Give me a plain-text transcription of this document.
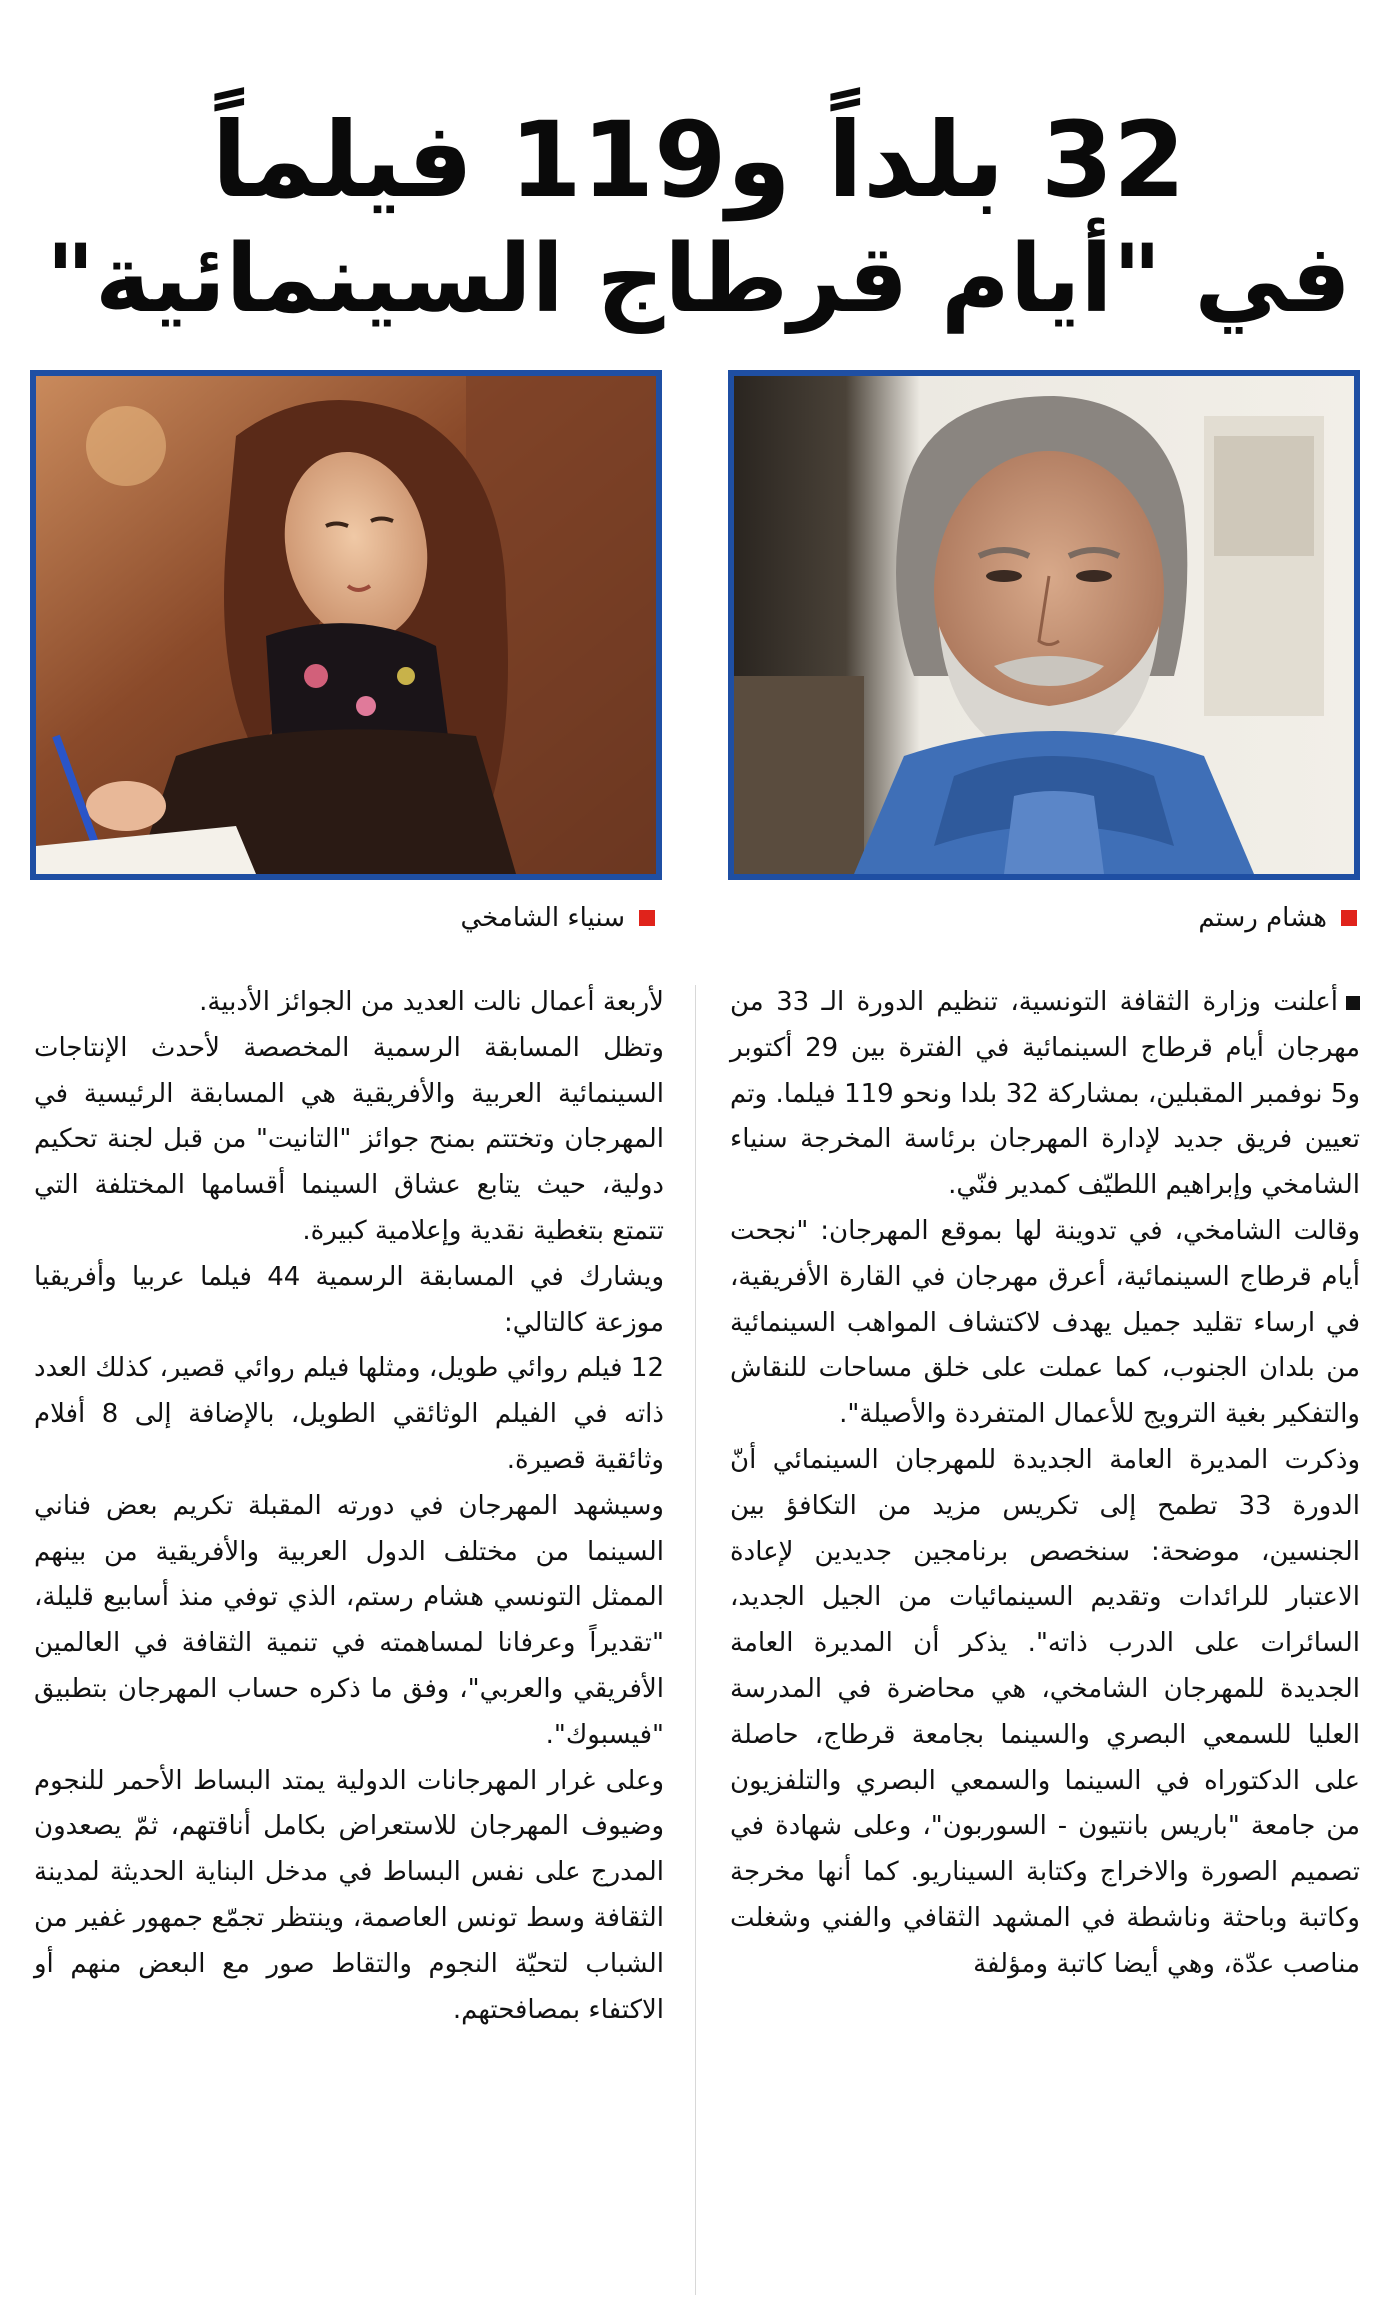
32 بلداً و119 فيلماً
في "أيام قرطاج السينمائية"
هشام رستم
سنياء الشامخي

أعلنت وزارة الثقافة التونسية، تنظيم الدورة الـ 33 من مهرجان أيام قرطاج السينمائية في الفترة بين 29 أكتوبر و5 نوفمبر المقبلين، بمشاركة 32 بلدا ونحو 119 فيلما. وتم تعيين فريق جديد لإدارة المهرجان برئاسة المخرجة سنياء الشامخي وإبراهيم اللطيّف كمدير فنّي.

وقالت الشامخي، في تدوينة لها بموقع المهرجان: "نجحت أيام قرطاج السينمائية، أعرق مهرجان في القارة الأفريقية، في ارساء تقليد جميل يهدف لاكتشاف المواهب السينمائية من بلدان الجنوب، كما عملت على خلق مساحات للنقاش والتفكير بغية الترويج للأعمال المتفردة والأصيلة".

وذكرت المديرة العامة الجديدة للمهرجان السينمائي أنّ الدورة 33 تطمح إلى تكريس مزيد من التكافؤ بين الجنسين، موضحة: سنخصص برنامجين جديدين لإعادة الاعتبار للرائدات وتقديم السينمائيات من الجيل الجديد، السائرات على الدرب ذاته". يذكر أن المديرة العامة الجديدة للمهرجان الشامخي، هي محاضرة في المدرسة العليا للسمعي البصري والسينما بجامعة قرطاج، حاصلة على الدكتوراه في السينما والسمعي البصري والتلفزيون من جامعة "باريس بانتيون - السوربون"، وعلى شهادة في تصميم الصورة والاخراج وكتابة السيناريو. كما أنها مخرجة وكاتبة وباحثة وناشطة في المشهد الثقافي والفني وشغلت مناصب عدّة، وهي أيضا كاتبة ومؤلفة

لأربعة أعمال نالت العديد من الجوائز الأدبية.

وتظل المسابقة الرسمية المخصصة لأحدث الإنتاجات السينمائية العربية والأفريقية هي المسابقة الرئيسية في المهرجان وتختتم بمنح جوائز "التانيت" من قبل لجنة تحكيم دولية، حيث يتابع عشاق السينما أقسامها المختلفة التي تتمتع بتغطية نقدية وإعلامية كبيرة.

ويشارك في المسابقة الرسمية 44 فيلما عربيا وأفريقيا موزعة كالتالي:

12 فيلم روائي طويل، ومثلها فيلم روائي قصير، كذلك العدد ذاته في الفيلم الوثائقي الطويل، بالإضافة إلى 8 أفلام وثائقية قصيرة.

وسيشهد المهرجان في دورته المقبلة تكريم بعض فناني السينما من مختلف الدول العربية والأفريقية من بينهم الممثل التونسي هشام رستم، الذي توفي منذ أسابيع قليلة، "تقديراً وعرفانا لمساهمته في تنمية الثقافة في العالمين الأفريقي والعربي"، وفق ما ذكره حساب المهرجان بتطبيق "فيسبوك".

وعلى غرار المهرجانات الدولية يمتد البساط الأحمر للنجوم وضيوف المهرجان للاستعراض بكامل أناقتهم، ثمّ يصعدون المدرج على نفس البساط في مدخل البناية الحديثة لمدينة الثقافة وسط تونس العاصمة، وينتظر تجمّع جمهور غفير من الشباب لتحيّة النجوم والتقاط صور مع البعض منهم أو الاكتفاء بمصافحتهم.
